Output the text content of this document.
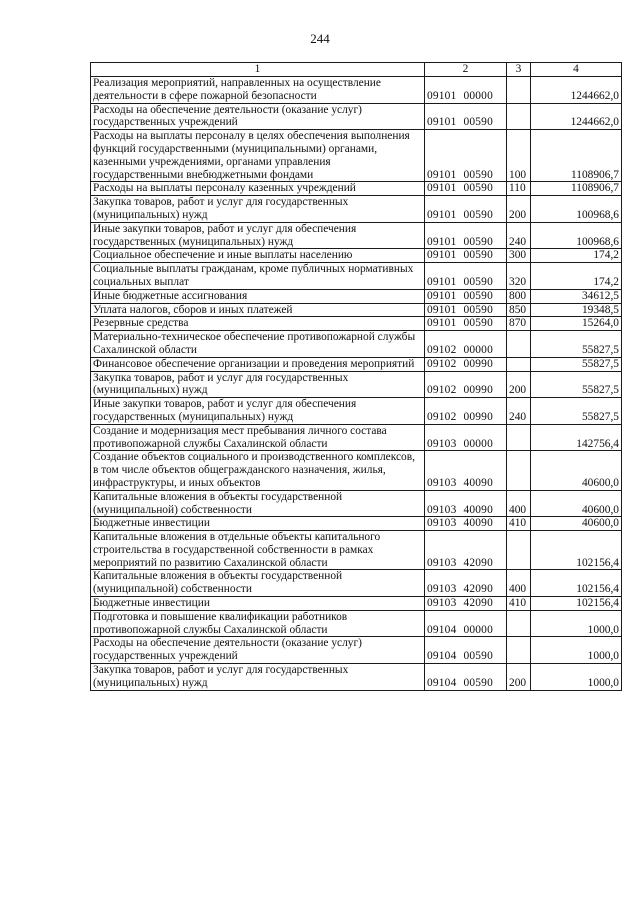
244
1	2	3	4
Реализация мероприятий, направленных на осуществление деятельности в сфере пожарной безопасности	09101 00000		1244662,0
Расходы на обеспечение деятельности (оказание услуг) государственных учреждений	09101 00590		1244662,0
Расходы на выплаты персоналу в целях обеспечения выполнения функций государственными (муниципальными) органами, казенными учреждениями, органами управления государственными внебюджетными фондами	09101 00590	100	1108906,7
Расходы на выплаты персоналу казенных учреждений	09101 00590	110	1108906,7
Закупка товаров, работ и услуг для государственных (муниципальных) нужд	09101 00590	200	100968,6
Иные закупки товаров, работ и услуг для обеспечения государственных (муниципальных) нужд	09101 00590	240	100968,6
Социальное обеспечение и иные выплаты населению	09101 00590	300	174,2
Социальные выплаты гражданам, кроме публичных нормативных социальных выплат	09101 00590	320	174,2
Иные бюджетные ассигнования	09101 00590	800	34612,5
Уплата налогов, сборов и иных платежей	09101 00590	850	19348,5
Резервные средства	09101 00590	870	15264,0
Материально-техническое обеспечение противопожарной службы Сахалинской области	09102 00000		55827,5
Финансовое обеспечение организации и проведения мероприятий	09102 00990		55827,5
Закупка товаров, работ и услуг для государственных (муниципальных) нужд	09102 00990	200	55827,5
Иные закупки товаров, работ и услуг для обеспечения государственных (муниципальных) нужд	09102 00990	240	55827,5
Создание и модернизация мест пребывания личного состава противопожарной службы Сахалинской области	09103 00000		142756,4
Создание объектов социального и производственного комплексов, в том числе объектов общегражданского назначения, жилья, инфраструктуры, и иных объектов	09103 40090		40600,0
Капитальные вложения в объекты государственной (муниципальной) собственности	09103 40090	400	40600,0
Бюджетные инвестиции	09103 40090	410	40600,0
Капитальные вложения в отдельные объекты капитального строительства в государственной собственности в рамках мероприятий по развитию Сахалинской области	09103 42090		102156,4
Капитальные вложения в объекты государственной (муниципальной) собственности	09103 42090	400	102156,4
Бюджетные инвестиции	09103 42090	410	102156,4
Подготовка и повышение квалификации работников противопожарной службы Сахалинской области	09104 00000		1000,0
Расходы на обеспечение деятельности (оказание услуг) государственных учреждений	09104 00590		1000,0
Закупка товаров, работ и услуг для государственных (муниципальных) нужд	09104 00590	200	1000,0
